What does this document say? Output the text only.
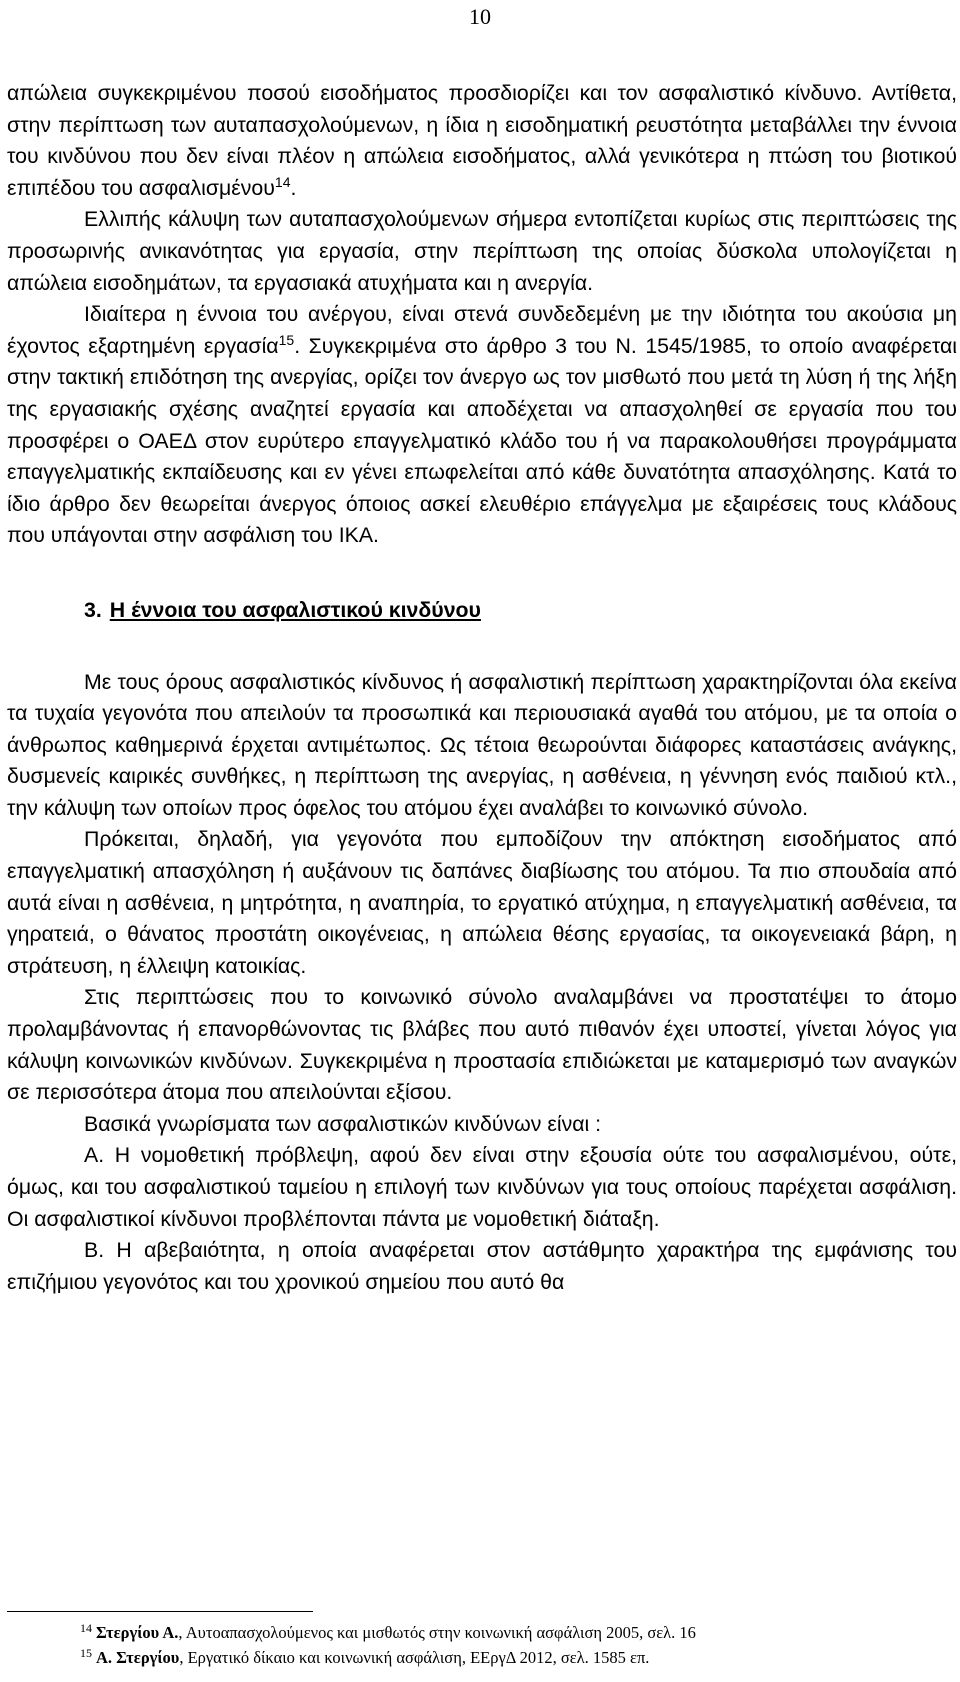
10

απώλεια συγκεκριμένου ποσού εισοδήματος προσδιορίζει και τον ασφαλιστικό κίνδυνο. Αντίθετα, στην περίπτωση των αυταπασχολούμενων, η ίδια η εισοδηματική ρευστότητα μεταβάλλει την έννοια του κινδύνου που δεν είναι πλέον η απώλεια εισοδήματος, αλλά γενικότερα η πτώση του βιοτικού επιπέδου του ασφαλισμένου$^{14}$.

Ελλιπής κάλυψη των αυταπασχολούμενων σήμερα εντοπίζεται κυρίως στις περιπτώσεις της προσωρινής ανικανότητας για εργασία, στην περίπτωση της οποίας δύσκολα υπολογίζεται η απώλεια εισοδημάτων, τα εργασιακά ατυχήματα και η ανεργία.

Ιδιαίτερα η έννοια του ανέργου, είναι στενά συνδεδεμένη με την ιδιότητα του ακούσια μη έχοντος εξαρτημένη εργασία$^{15}$. Συγκεκριμένα στο άρθρο 3 του Ν. 1545/1985, το οποίο αναφέρεται στην τακτική επιδότηση της ανεργίας, ορίζει τον άνεργο ως τον μισθωτό που μετά τη λύση ή της λήξη της εργασιακής σχέσης αναζητεί εργασία και αποδέχεται να απασχοληθεί σε εργασία που του προσφέρει ο ΟΑΕΔ στον ευρύτερο επαγγελματικό κλάδο του ή να παρακολουθήσει προγράμματα επαγγελματικής εκπαίδευσης και εν γένει επωφελείται από κάθε δυνατότητα απασχόλησης. Κατά το ίδιο άρθρο δεν θεωρείται άνεργος όποιος ασκεί ελευθέριο επάγγελμα με εξαιρέσεις τους κλάδους που υπάγονται στην ασφάλιση του ΙΚΑ.

3. Η έννοια του ασφαλιστικού κινδύνου

Με τους όρους ασφαλιστικός κίνδυνος ή ασφαλιστική περίπτωση χαρακτηρίζονται όλα εκείνα τα τυχαία γεγονότα που απειλούν τα προσωπικά και περιουσιακά αγαθά του ατόμου, με τα οποία ο άνθρωπος καθημερινά έρχεται αντιμέτωπος. Ως τέτοια θεωρούνται διάφορες καταστάσεις ανάγκης, δυσμενείς καιρικές συνθήκες, η περίπτωση της ανεργίας, η ασθένεια, η γέννηση ενός παιδιού κτλ., την κάλυψη των οποίων προς όφελος του ατόμου έχει αναλάβει το κοινωνικό σύνολο.

Πρόκειται, δηλαδή, για γεγονότα που εμποδίζουν την απόκτηση εισοδήματος από επαγγελματική απασχόληση ή αυξάνουν τις δαπάνες διαβίωσης του ατόμου. Τα πιο σπουδαία από αυτά είναι η ασθένεια, η μητρότητα, η αναπηρία, το εργατικό ατύχημα, η επαγγελματική ασθένεια, τα γηρατειά, ο θάνατος προστάτη οικογένειας, η απώλεια θέσης εργασίας, τα οικογενειακά βάρη, η στράτευση, η έλλειψη κατοικίας.

Στις περιπτώσεις που το κοινωνικό σύνολο αναλαμβάνει να προστατέψει το άτομο προλαμβάνοντας ή επανορθώνοντας τις βλάβες που αυτό πιθανόν έχει υποστεί, γίνεται λόγος για κάλυψη κοινωνικών κινδύνων. Συγκεκριμένα η προστασία επιδιώκεται με καταμερισμό των αναγκών σε περισσότερα άτομα που απειλούνται εξίσου.

Βασικά γνωρίσματα των ασφαλιστικών κινδύνων είναι :

Α. Η νομοθετική πρόβλεψη, αφού δεν είναι στην εξουσία ούτε του ασφαλισμένου, ούτε, όμως, και του ασφαλιστικού ταμείου η επιλογή των κινδύνων για τους οποίους παρέχεται ασφάλιση. Οι ασφαλιστικοί κίνδυνοι προβλέπονται πάντα με νομοθετική διάταξη.

Β. Η αβεβαιότητα, η οποία αναφέρεται στον αστάθμητο χαρακτήρα της εμφάνισης του επιζήμιου γεγονότος και του χρονικού σημείου που αυτό θα

$^{14}$ Στεργίου Α., Αυτοαπασχολούμενος και μισθωτός στην κοινωνική ασφάλιση 2005, σελ. 16

$^{15}$ Α. Στεργίου, Εργατικό δίκαιο και κοινωνική ασφάλιση, ΕΕργΔ 2012, σελ. 1585 επ.
